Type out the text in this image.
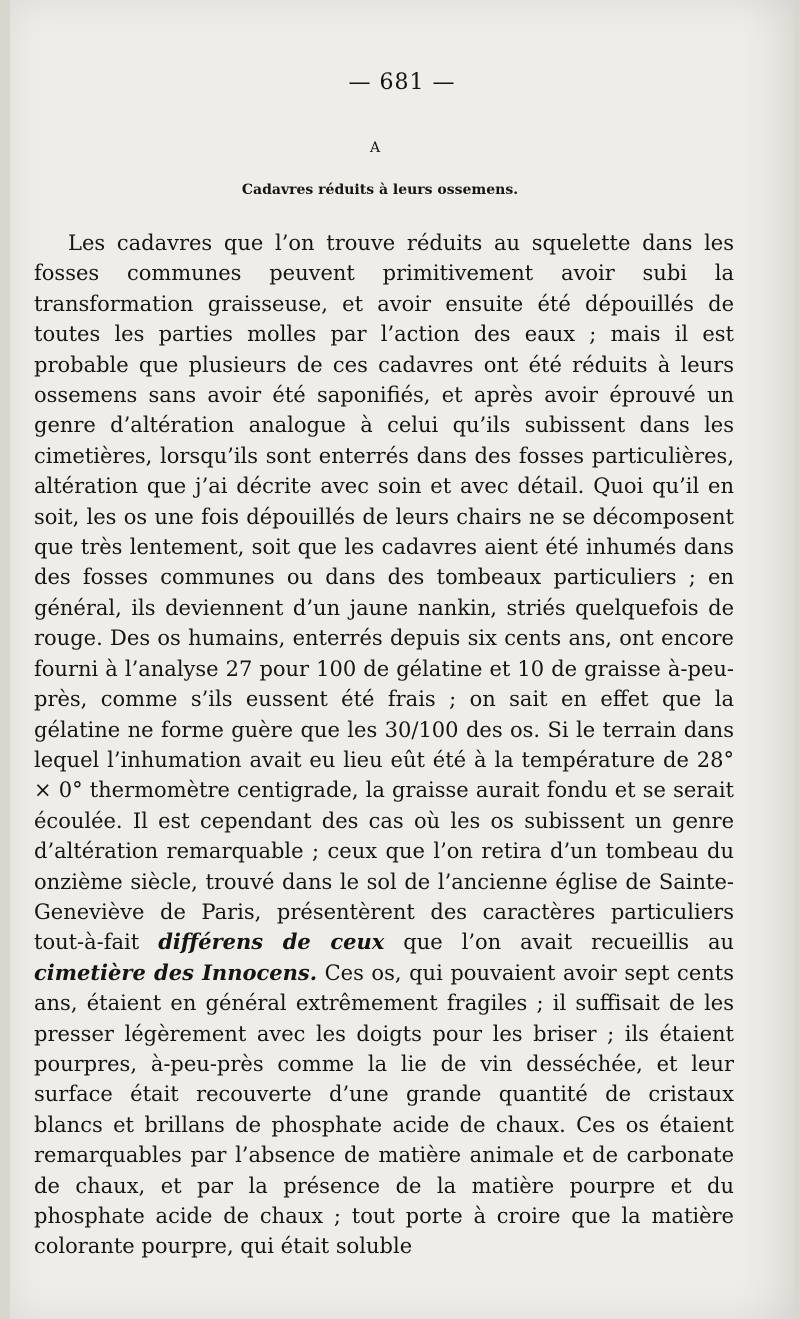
— 681 —
A
Cadavres réduits à leurs ossemens.

Les cadavres que l’on trouve réduits au squelette dans les fosses communes peuvent primitivement avoir subi la transformation graisseuse, et avoir ensuite été dépouillés de toutes les parties molles par l’action des eaux ; mais il est probable que plusieurs de ces cadavres ont été réduits à leurs ossemens sans avoir été saponifiés, et après avoir éprouvé un genre d’altération analogue à celui qu’ils subissent dans les cimetières, lorsqu’ils sont enterrés dans des fosses particulières, altération que j’ai décrite avec soin et avec détail. Quoi qu’il en soit, les os une fois dépouillés de leurs chairs ne se décomposent que très lentement, soit que les cadavres aient été inhumés dans des fosses communes ou dans des tombeaux particuliers ; en général, ils deviennent d’un jaune nankin, striés quelquefois de rouge. Des os humains, enterrés depuis six cents ans, ont encore fourni à l’analyse 27 pour 100 de gélatine et 10 de graisse à-peu-près, comme s’ils eussent été frais ; on sait en effet que la gélatine ne forme guère que les 30/100 des os. Si le terrain dans lequel l’inhumation avait eu lieu eût été à la température de 28° × 0° thermomètre centigrade, la graisse aurait fondu et se serait écoulée. Il est cependant des cas où les os subissent un genre d’altération remarquable ; ceux que l’on retira d’un tombeau du onzième siècle, trouvé dans le sol de l’ancienne église de Sainte-Geneviève de Paris, présentèrent des caractères particuliers tout-à-fait différens de ceux que l’on avait recueillis au cimetière des Innocens. Ces os, qui pouvaient avoir sept cents ans, étaient en général extrêmement fragiles ; il suffisait de les presser légèrement avec les doigts pour les briser ; ils étaient pourpres, à-peu-près comme la lie de vin desséchée, et leur surface était recouverte d’une grande quantité de cristaux blancs et brillans de phosphate acide de chaux. Ces os étaient remarquables par l’absence de matière animale et de carbonate de chaux, et par la présence de la matière pourpre et du phosphate acide de chaux ; tout porte à croire que la matière colorante pourpre, qui était soluble
